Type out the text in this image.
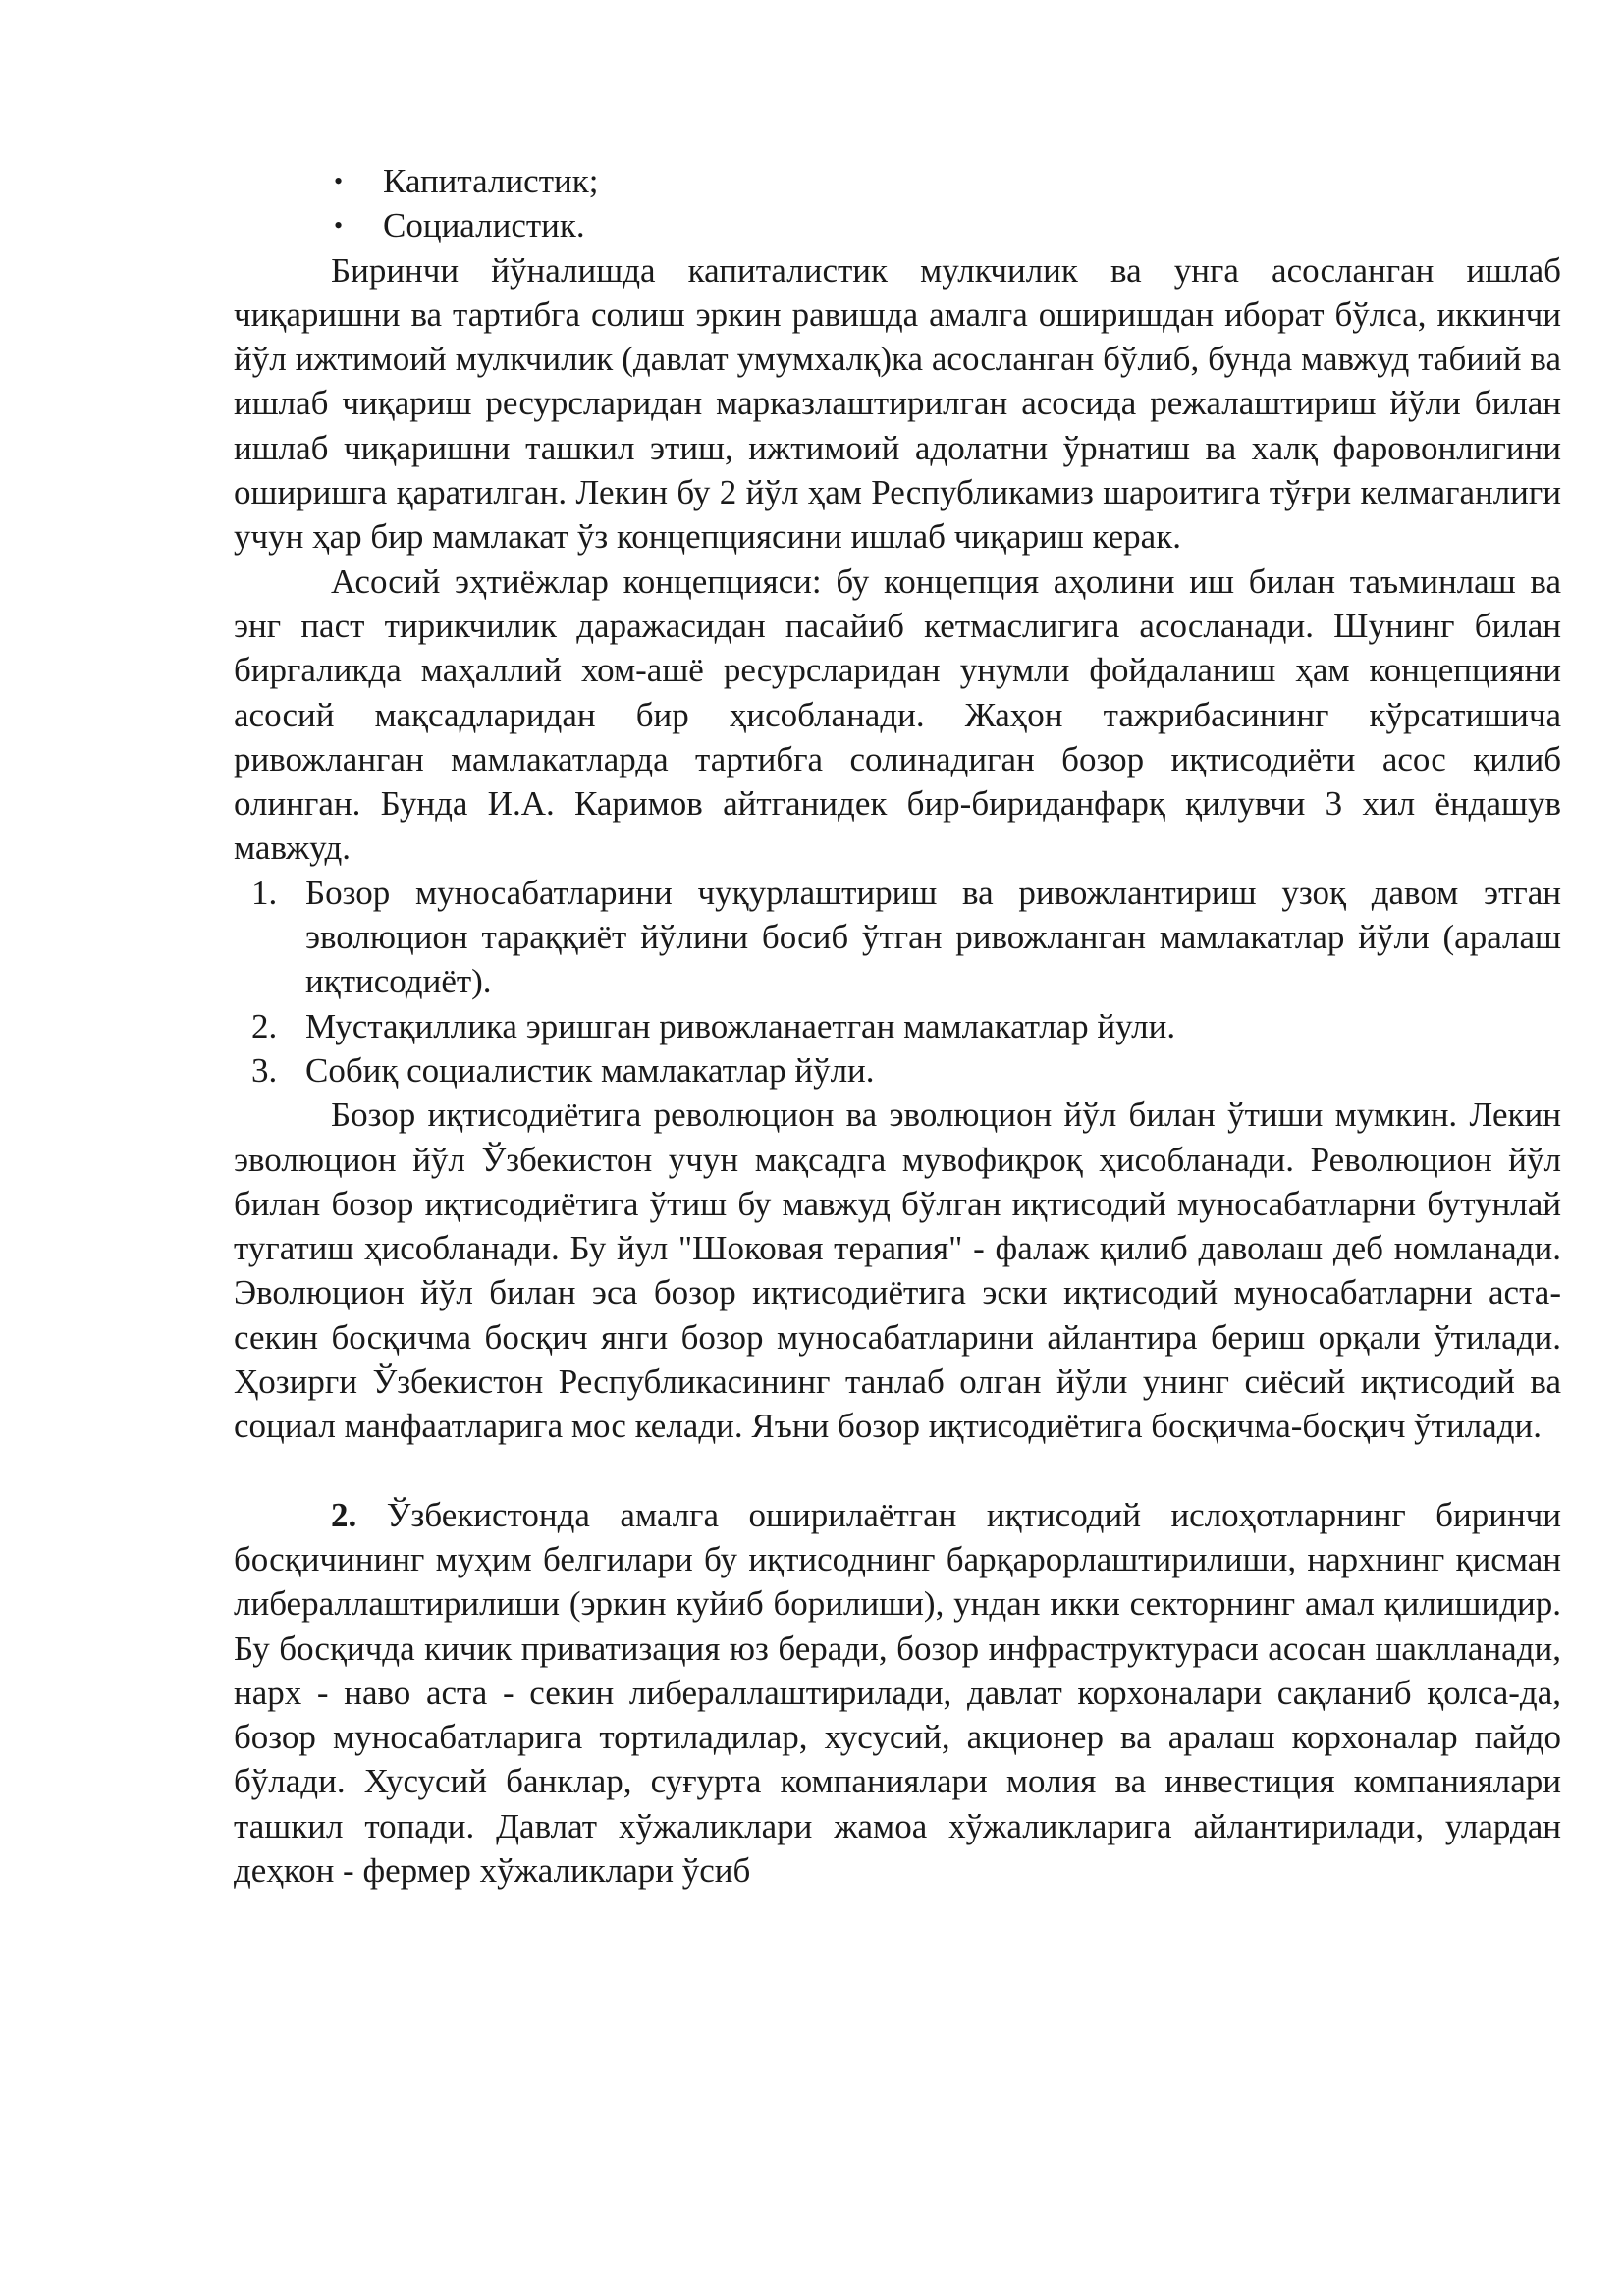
• Капиталистик;
• Социалистик.

Биринчи йўналишда капиталистик мулкчилик ва унга асосланган ишлаб чиқаришни ва тартибга солиш эркин равишда амалга оширишдан иборат бўлса, иккинчи йўл ижтимоий мулкчилик (давлат умумхалқ)ка асосланган бўлиб, бунда мавжуд табиий ва ишлаб чиқариш ресурсларидан марказлаштирилган асосида режалаштириш йўли билан ишлаб чиқаришни ташкил этиш, ижтимоий адолатни ўрнатиш ва халқ фаровонлигини оширишга қаратилган. Лекин бу 2 йўл ҳам Республикамиз шароитига тўғри келмаганлиги учун ҳар бир мамлакат ўз концепциясини ишлаб чиқариш керак.

Асосий эҳтиёжлар концепцияси: бу концепция аҳолини иш билан таъминлаш ва энг паст тирикчилик даражасидан пасайиб кетмаслигига асосланади. Шунинг билан биргаликда маҳаллий хом-ашё ресурсларидан унумли фойдаланиш ҳам концепцияни асосий мақсадларидан бир ҳисобланади. Жаҳон тажрибасининг кўрсатишича ривожланган мамлакатларда тартибга солинадиган бозор иқтисодиёти асос қилиб олинган. Бунда И.А. Каримов айтганидек бир-бириданфарқ қилувчи 3 хил ёндашув мавжуд.

1. Бозор муносабатларини чуқурлаштириш ва ривожлантириш узоқ давом этган эволюцион тараққиёт йўлини босиб ўтган ривожланган мамлакатлар йўли (аралаш иқтисодиёт).
2. Мустақиллика эришган ривожланаетган мамлакатлар йули.
3. Собиқ социалистик мамлакатлар йўли.

Бозор иқтисодиётига революцион ва эволюцион йўл билан ўтиши мумкин. Лекин эволюцион йўл Ўзбекистон учун мақсадга мувофиқроқ ҳисобланади. Революцион йўл билан бозор иқтисодиётига ўтиш бу мавжуд бўлган иқтисодий муносабатларни бутунлай тугатиш ҳисобланади. Бу йул "Шоковая терапия" - фалаж қилиб даволаш деб номланади. Эволюцион йўл билан эса бозор иқтисодиётига эски иқтисодий муносабатларни аста-секин босқичма босқич янги бозор муносабатларини айлантира бериш орқали ўтилади. Ҳозирги Ўзбекистон Республикасининг танлаб олган йўли унинг сиёсий иқтисодий ва социал манфаатларига мос келади. Яъни бозор иқтисодиётига босқичма-босқич ўтилади.

2. Ўзбекистонда амалга оширилаётган иқтисодий ислоҳотларнинг биринчи босқичининг муҳим белгилари бу иқтисоднинг барқарорлаштирилиши, нархнинг қисман либераллаштирилиши (эркин куйиб борилиши), ундан икки секторнинг амал қилишидир. Бу босқичда кичик приватизация юз беради, бозор инфраструктураси асосан шаклланади, нарх - наво аста - секин либераллаштирилади, давлат корхоналари сақланиб қолса-да, бозор муносабатларига тортиладилар, хусусий, акционер ва аралаш корхоналар пайдо бўлади. Хусусий банклар, суғурта компаниялари молия ва инвестиция компаниялари ташкил топади. Давлат хўжаликлари жамоа хўжаликларига айлантирилади, улардан деҳкон - фермер хўжаликлари ўсиб
